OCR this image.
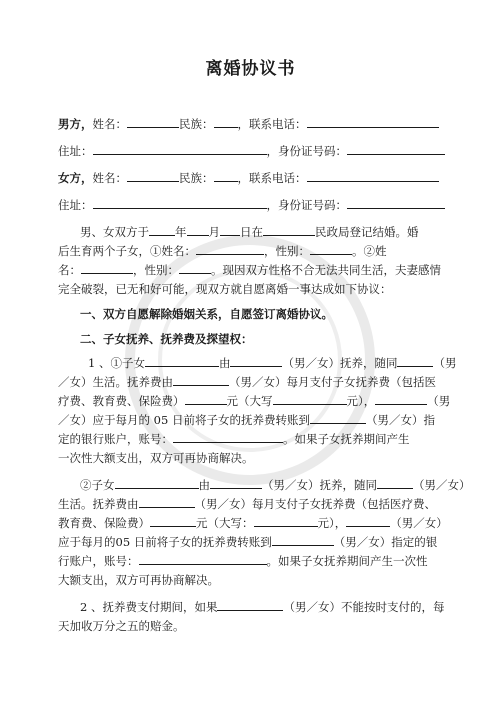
离婚协议书
男方，姓名：	民族： ，联系电话：
住址：	，身份证号码：
女方，姓名：	民族： ，联系电话：
住址：	，身份证号码：
男、女双方于 年 月 日在	民政局登记结婚。婚
后生育两个子女，①姓名：	，性别：	。②姓
名：	，性别：	。现因双方性格不合无法共同生活，夫妻感情
完全破裂，已无和好可能，现双方就自愿离婚一事达成如下协议：
一、双方自愿解除婚姻关系，自愿签订离婚协议。
二、子女抚养、抚养费及探望权：
1 、①子女	由	（男／女）抚养，随同	（男
／女）生活。抚养费由	（男／女）每月支付子女抚养费（包括医
疗费、教育费、保险费）	元（大写	元），	（男
／女）应于每月的 05 日前将子女的抚养费转账到	（男／女）指
定的银行账户，账号：	。如果子女抚养期间产生
一次性大额支出，双方可再协商解决。
②子女	由	（男／女）抚养，随同	（男／女）
生活。抚养费由	（男／女）每月支付子女抚养费（包括医疗费、
教育费、保险费）	元（大写：	元），	（男／女）
应于每月的05 日前将子女的抚养费转账到	（男／女）指定的银
行账户，账号：	。如果子女抚养期间产生一次性
大额支出，双方可再协商解决。
2 、抚养费支付期间，如果	（男／女）不能按时支付的，每
天加收万分之五的赔金。
